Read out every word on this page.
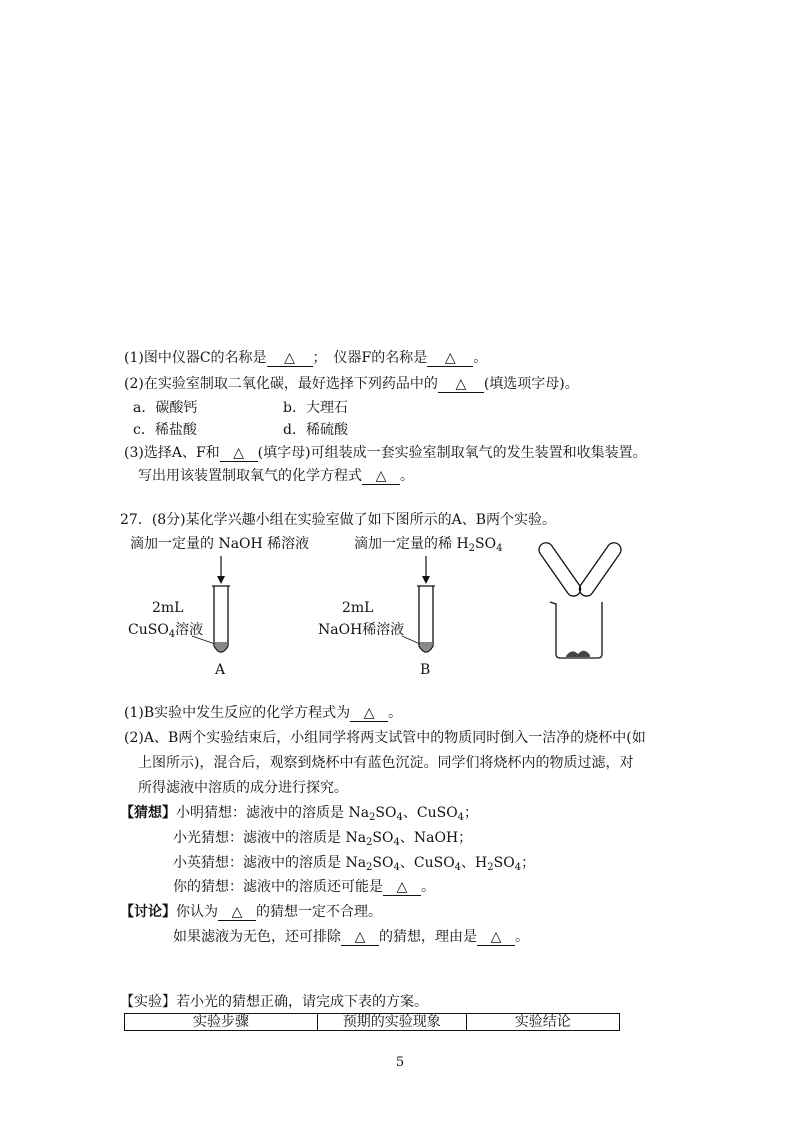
(1)图中仪器C的名称是 △ ；　仪器F的名称是 △ 。
(2)在实验室制取二氧化碳，最好选择下列药品中的 △ (填选项字母)。
a．碳酸钙	b．大理石
c．稀盐酸	d．稀硫酸
(3)选择A、F和 △ (填字母)可组装成一套实验室制取氧气的发生装置和收集装置。
写出用该装置制取氧气的化学方程式 △ 。
27．(8分)某化学兴趣小组在实验室做了如下图所示的A、B两个实验。
滴加一定量的 NaOH 稀溶液
2mL
CuSO$_4$溶液
A
滴加一定量的稀 $H_2SO_4$
2mL
NaOH稀溶液
B
(1)B实验中发生反应的化学方程式为 △ 。
(2)A、B两个实验结束后，小组同学将两支试管中的物质同时倒入一洁净的烧杯中(如
上图所示)，混合后，观察到烧杯中有蓝色沉淀。同学们将烧杯内的物质过滤，对
所得滤液中溶质的成分进行探究。
【猜想】小明猜想：滤液中的溶质是 $Na_2SO_4$、CuSO$_4$；
小光猜想：滤液中的溶质是 $Na_2SO_4$、NaOH；
小英猜想：滤液中的溶质是 $Na_2SO_4$、CuSO$_4$、$H_2SO_4$；
你的猜想：滤液中的溶质还可能是 △ 。
【讨论】你认为 △ 的猜想一定不合理。
如果滤液为无色，还可排除 △ 的猜想，理由是 △ 。
【实验】若小光的猜想正确，请完成下表的方案。
实验步骤	预期的实验现象	实验结论
5
